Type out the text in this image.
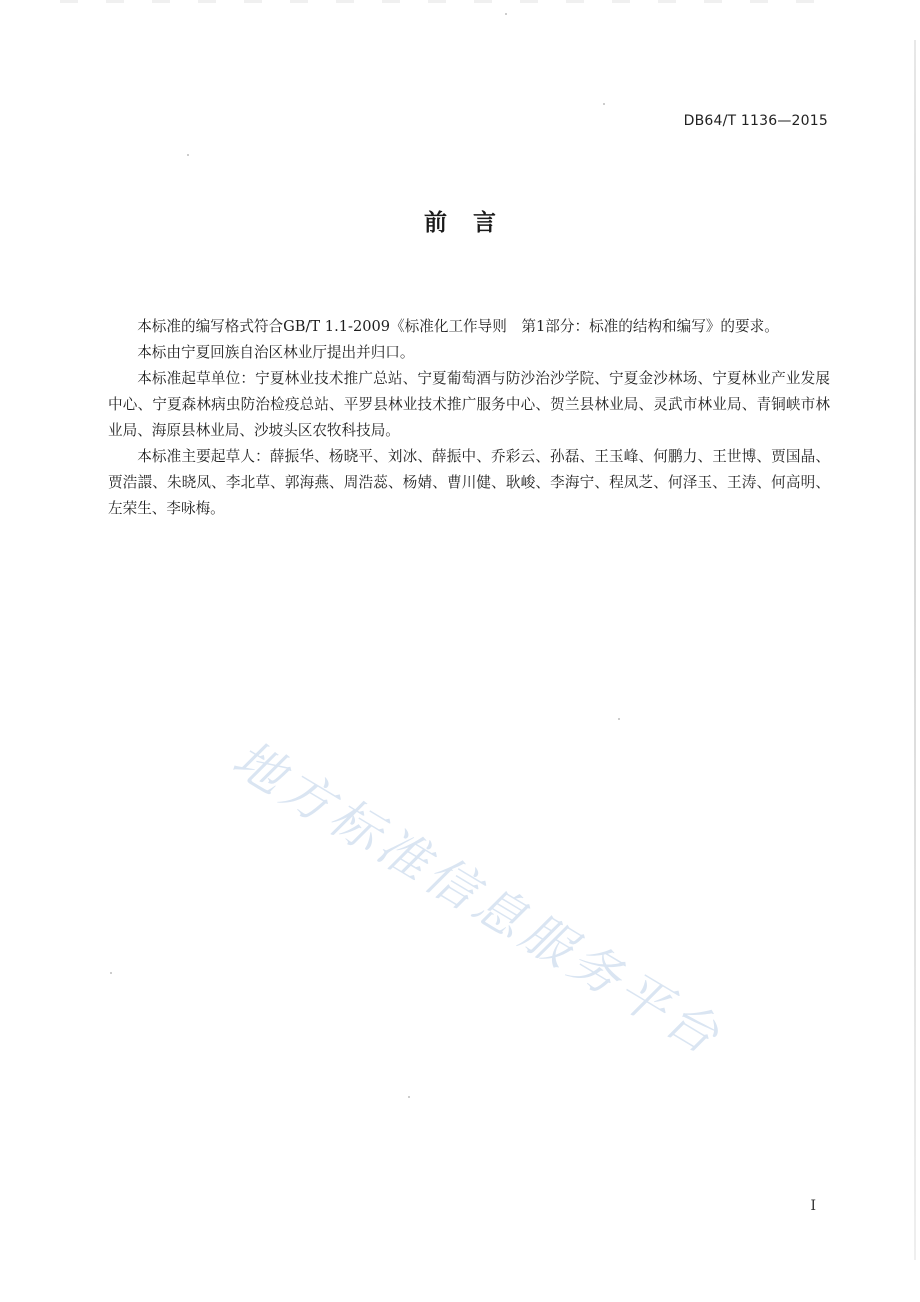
DB64/T 1136—2015
前 言

本标准的编写格式符合GB/T 1.1-2009《标准化工作导则　第1部分：标准的结构和编写》的要求。

本标由宁夏回族自治区林业厅提出并归口。

本标准起草单位：宁夏林业技术推广总站、宁夏葡萄酒与防沙治沙学院、宁夏金沙林场、宁夏林业产业发展中心、宁夏森林病虫防治检疫总站、平罗县林业技术推广服务中心、贺兰县林业局、灵武市林业局、青铜峡市林业局、海原县林业局、沙坡头区农牧科技局。

本标准主要起草人：薛振华、杨晓平、刘冰、薛振中、乔彩云、孙磊、王玉峰、何鹏力、王世博、贾国晶、贾浩譞、朱晓凤、李北草、郭海燕、周浩蕊、杨婧、曹川健、耿峻、李海宁、程凤芝、何泽玉、王涛、何高明、左荣生、李咏梅。

地方标准信息服务平台
I
